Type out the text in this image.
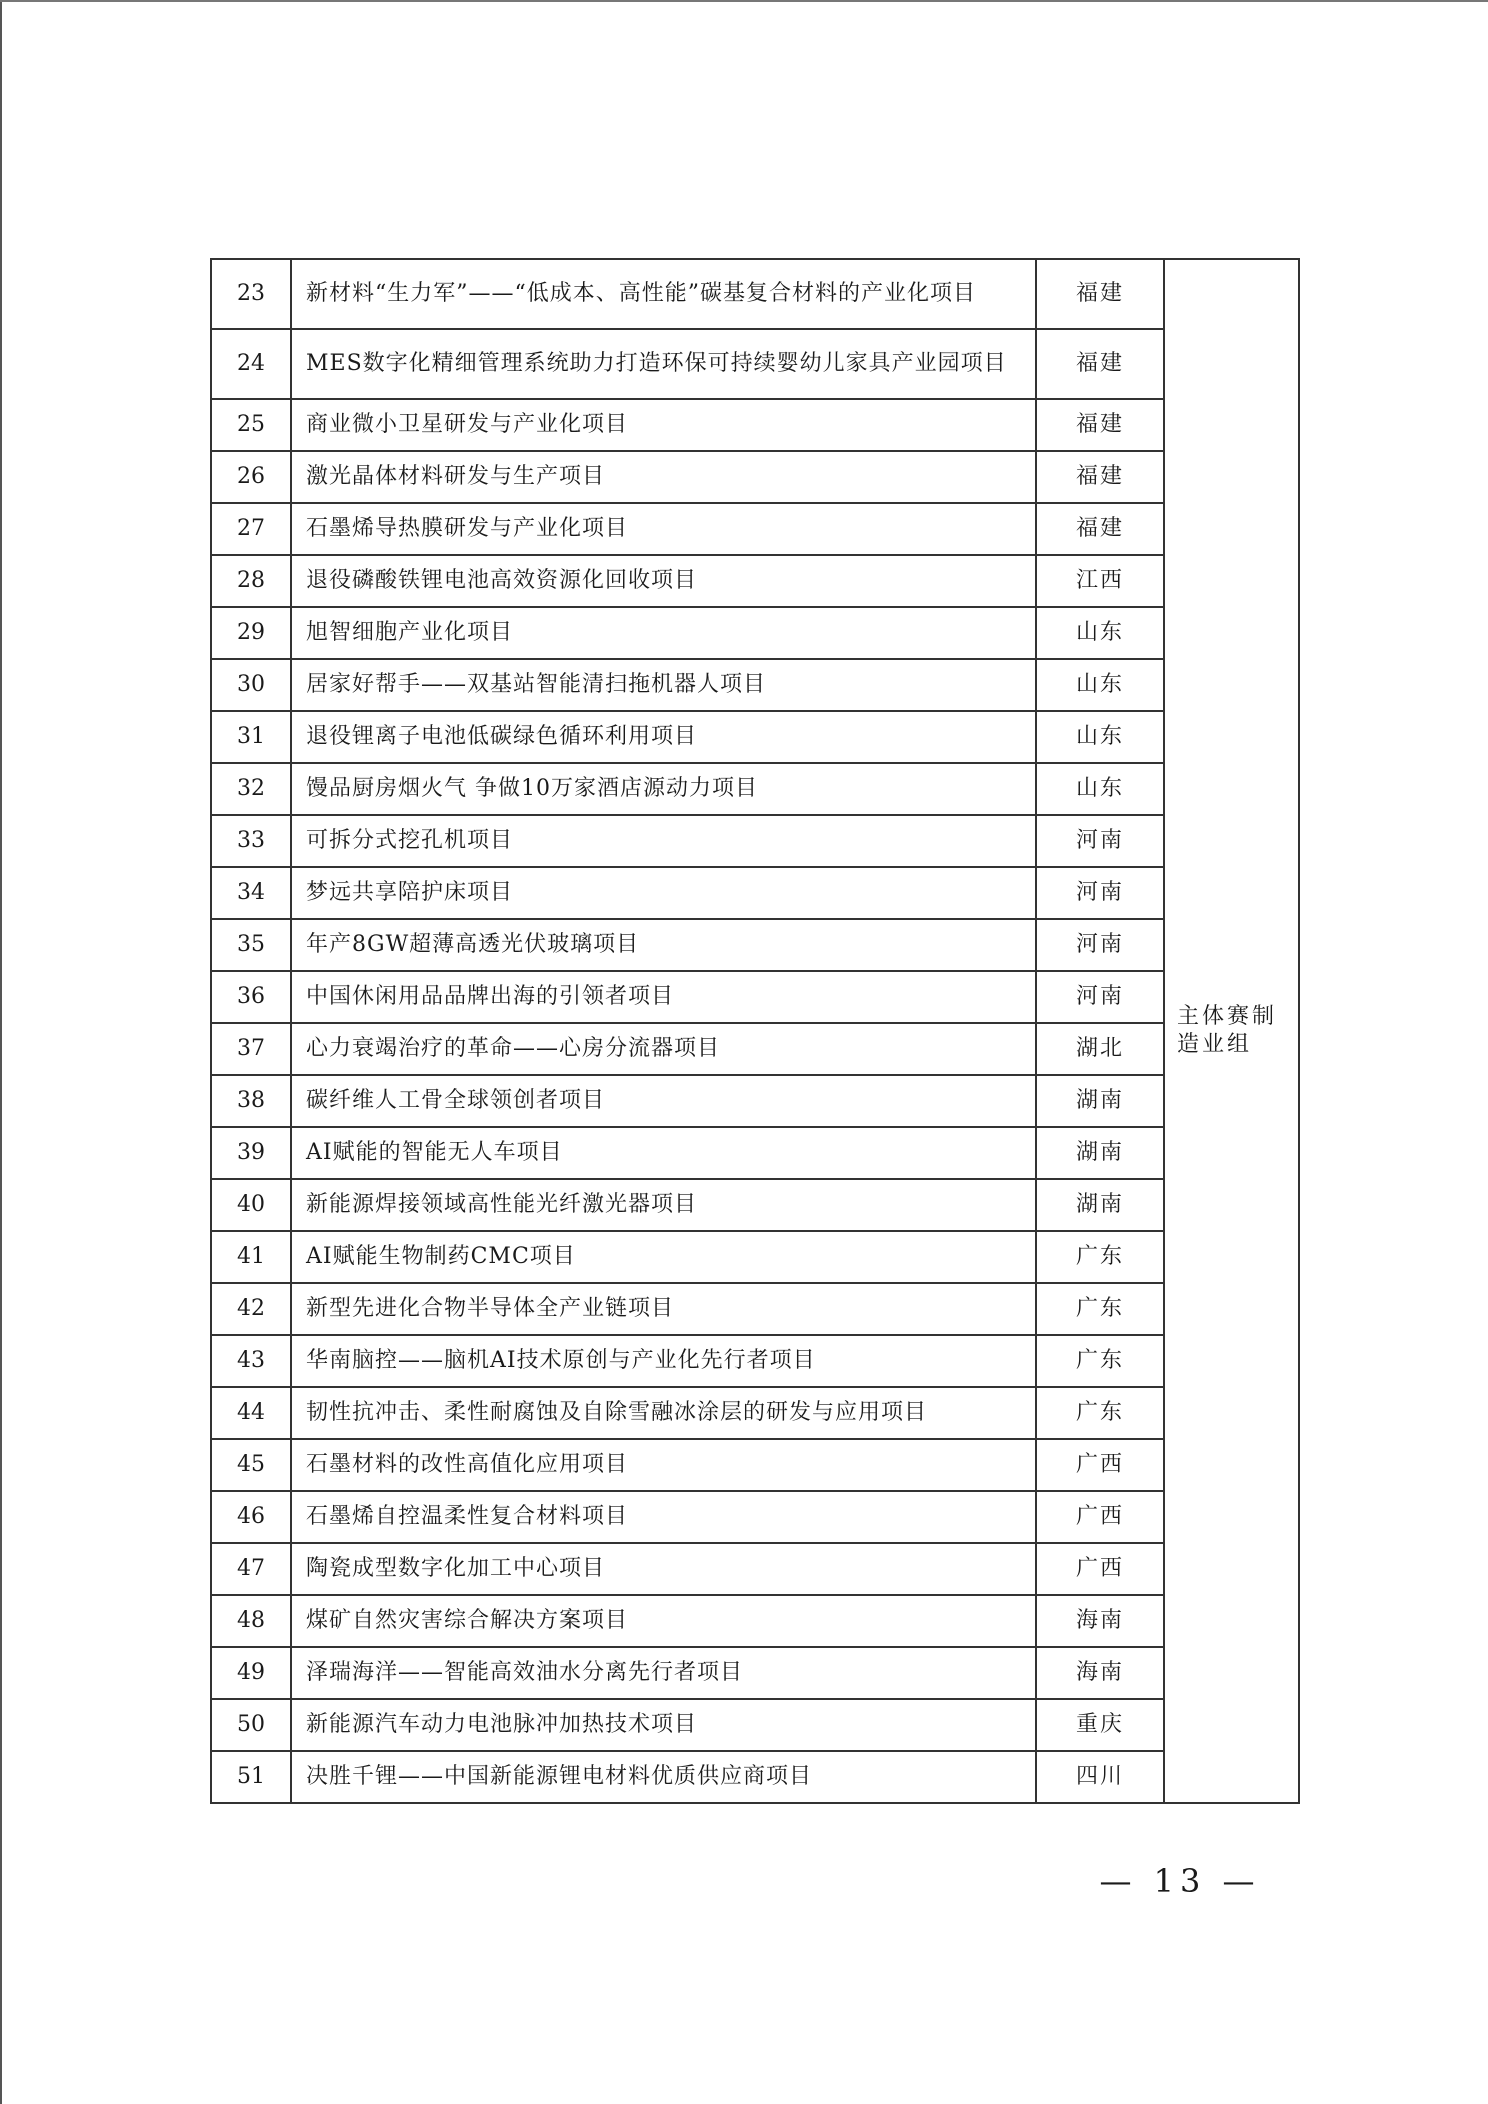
23	新材料“生力军”——“低成本、高性能”碳基复合材料的产业化项目	福建	主体赛制造业组
24	MES数字化精细管理系统助力打造环保可持续婴幼儿家具产业园项目	福建	
25	商业微小卫星研发与产业化项目	福建	
26	激光晶体材料研发与生产项目	福建	
27	石墨烯导热膜研发与产业化项目	福建	
28	退役磷酸铁锂电池高效资源化回收项目	江西	
29	旭智细胞产业化项目	山东	
30	居家好帮手——双基站智能清扫拖机器人项目	山东	
31	退役锂离子电池低碳绿色循环利用项目	山东	
32	馒品厨房烟火气 争做10万家酒店源动力项目	山东	
33	可拆分式挖孔机项目	河南	
34	梦远共享陪护床项目	河南	
35	年产8GW超薄高透光伏玻璃项目	河南	
36	中国休闲用品品牌出海的引领者项目	河南	
37	心力衰竭治疗的革命——心房分流器项目	湖北	
38	碳纤维人工骨全球领创者项目	湖南	
39	AI赋能的智能无人车项目	湖南	
40	新能源焊接领域高性能光纤激光器项目	湖南	
41	AI赋能生物制药CMC项目	广东	
42	新型先进化合物半导体全产业链项目	广东	
43	华南脑控——脑机AI技术原创与产业化先行者项目	广东	
44	韧性抗冲击、柔性耐腐蚀及自除雪融冰涂层的研发与应用项目	广东	
45	石墨材料的改性高值化应用项目	广西	
46	石墨烯自控温柔性复合材料项目	广西	
47	陶瓷成型数字化加工中心项目	广西	
48	煤矿自然灾害综合解决方案项目	海南	
49	泽瑞海洋——智能高效油水分离先行者项目	海南	
50	新能源汽车动力电池脉冲加热技术项目	重庆	
51	决胜千锂——中国新能源锂电材料优质供应商项目	四川	
— 13 —
